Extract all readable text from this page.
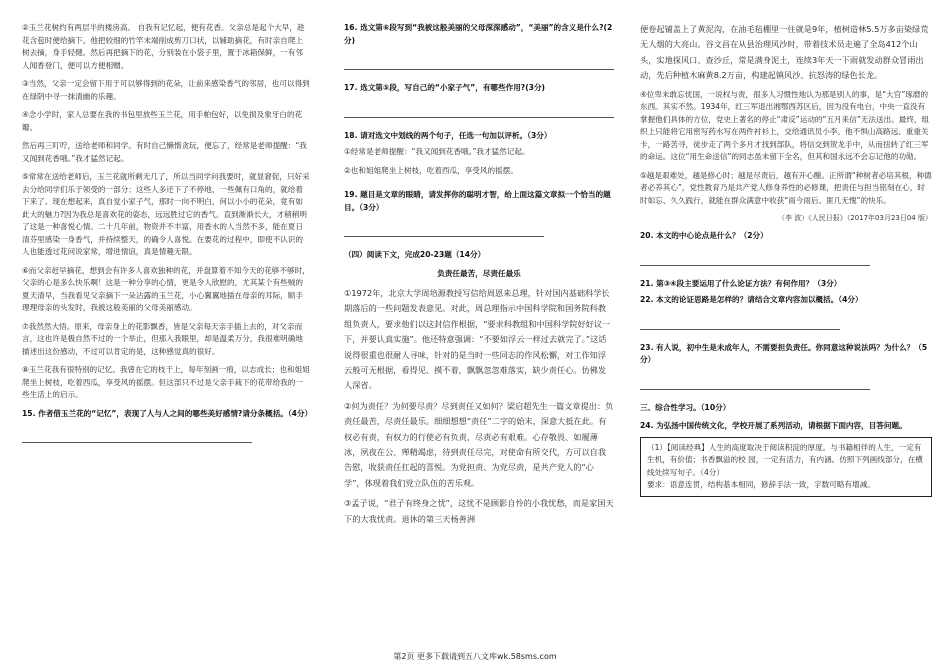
②玉兰花树约有两层半的楼房高。 自我有记忆起，便有花香。父亲总是起个大早，趁花含苞时便给摘下。他把较细的竹竿末端削成剪刀口状，以辅助摘花，有时亲自爬上树去摘，身手轻健。然后再把摘下的花，分别装在小袋子里，置于冰箱保鲜，一有邻人闻香登门，便可以方便相赠。

③当然，父亲一定会留下用于可以够得到的花朵，让前来感染香气的邻居，也可以得到在绿阴中寻一抹清幽的乐趣。

④念小学时，家人总要在我的书包里放些玉兰花，用手帕包好，以免损及象牙白的花瓣。

然后再三叮咛，送给老师和同学。有时自己懒惰贪玩，便忘了，经常是老师提醒：“我又闻到花香哦。”我才猛然记起。

⑤常常在送给老师后，玉兰花就所剩无几了，所以当同学问我要时，就显窘促，只好采去分给同学们乐于领受的一部分；这些人多还下了不停地，一些佩有口角的，就给着下来了。现在想起来，真自觉小家子气，那时一向不明白，何以小小的花朵，竟有如此大的魅力?因为我总是喜欢花的姿态，远远胜过它的香气。直到渐渐长大，才稍稍明了这是一种喜悦心情。二十几年前，物资并不丰富，用香水的人当然不多，能在夏日清芬里感染一身香气，并持续整天，的确令人喜悦。在要花的过程中，即使不认识的人也能透过花问说家常，增进情谊，真是情趣无限。

⑥而父亲赶早摘花，想到会有许多人喜欢独种的花，并盘算着不知今天的花够不够时，父亲的心是多么快乐啊！这是一种分享的心情，更是令人欣慰的，尤其某个有些贼的夏天清早，当我看见父亲摘下一朵沾露的玉兰花，小心翼翼地插在母亲的耳际，顺手理理母亲的头发时，我被这般美丽的父母美丽感动。

⑦我然然大悟。原来，母亲身上的花影飘香，皆是父亲每天亲手插上去的，对父亲而言，这也许是极自然不过的一个举止，但那入我眼里，却是温柔万分，我很难明确地描述出这份感动，不过可以肯定的是，这种感觉真的很好。

⑧玉兰花我有很特别的记忆。我曾在它的枝干上，每年刻画一痕，以志成长；也和姐姐爬坐上树枝，吃着西瓜，享受风的摇摆。但这部只不过是父亲手栽下的花带给我的一些生活上的启示。

15. 作者借玉兰花的“记忆”，表现了人与人之间的哪些美好感情?请分条概括。（4分）

16. 选文第⑥段写到“我被这般美丽的父母深深感动”，“美丽”的含义是什么?(2分)

17. 选文第⑤段，写自己的“小家子气”，有哪些作用?(3分)

18. 请对选文中划线的两个句子，任选一句加以评析。（3分）

①经常是老师提醒：“我又闻到花香哦。”我才猛然记起。

②也和姐姐爬坐上树枝，吃着西瓜，享受风的摇摆。

19. 题目是文章的眼睛，请发挥你的聪明才智，给上面这篇文章拟一个恰当的题目。（3分）

（四）阅读下文，完成20-23题（14分）

负责任最苦，尽责任最乐

①1972年，北京大学周培源教授写信给周恩来总理，针对国内基础科学长期落后的一些问题发表意见。对此，周总理指示中国科学院和国务院科教组负责人，要求他们以这封信作根据，“要求科教组和中国科学院好好议一下，并要认真实施”。他还特意强调：“不要如浮云一样过去就完了。”这话说得很重也很耐人寻味，针对的是当时一些同志的作风松懈，对工作知浮云般可无根据，看得见、摸不着，飘飘忽忽难落实，缺少责任心。仿佛发人深省。

②何为责任？为何要尽责？尽到责任又如何？梁启超先生一篇文章提出：负责任最苦，尽责任最乐。细细想想“责任”二字的始末，深意大抵在此。有权必有责，有权力的行使必有负责，尽责必有艰难。心存敬畏、如履薄冰，夙夜在公、殚精竭虑，待到责任尽完，对使命有所交代，方可以自我告慰，收获责任扛起的喜悦。为党担责、为党尽责，是共产党人的“心学”，体现着我们党立队伍的苦乐观。

③孟子说，“君子有终身之忧”，这忧不是顾影自怜的小我忧愁，而是家国天下的大我忧责。退休的第三天杨善洲

便卷起铺盖上了黄泥沟，在油毛毡棚里一住就是9年，植树造林5.5万多亩染绿荒无人烟的大亮山。谷文昌在从县治理风沙时，带着技术员走遍了全岛412个山头，实地探风口、查沙丘，常是满身泥土，连续3年天一下雨就发动群众冒雨出动，先后种植木麻黄8.2万亩，构建起镇风沙、抗怒涛的绿色长龙。

④位卑未敢忘忧国，一说权与责，很多人习惯性地认为那是别人的事，是“大官”琢磨的东西。其实不然。1934年，红三军退出湘鄂西苏区后，因为没有电台，中央一直没有掌握他们具体的方位，党史上著名的停止“肃反”运动的“五月来信”无法送出。最终，组织上只能将它用密写药水写在两件衬衫上，交给通讯员小李。他不惧山高路远、重重关卡，一路苦寻，徒步走了两个多月才找到部队，将信交到贺龙手中，从而扭转了红三军的命运。这位“用生命送信”的同志虽未留下全名，但其和国永远不会忘记他的功勋。

⑤越是艰难处，越是修心时；越是尽责后，越有开心酿。正所谓“种树者必培其根，种德者必养其心”，党性教育乃是共产党人修身养性的必修课，把责任与担当铭刻在心，时时如忘、久久践行，就能在群众满意中收获“雨今雨后、匪几无愧”的快乐。

（李 波）《人民日报》（2017年03月23日04 版）

20. 本文的中心论点是什么？（2分）

21. 第③④段主要运用了什么论证方法？有何作用？（3分）

22. 本文的论证思路是怎样的？请结合文章内容加以概括。（4分）

23. 有人说，初中生是未成年人，不需要担负责任。你同意这种说法吗？为什么？（5分）

三、综合性学习。（10分）

24. 为弘扬中国传统文化，学校开展了系列活动，请根据下面内容，目答问题。

（1）【阅读经典】人生的高度取决于阅读积淀的厚度。与书籍相伴的人生，一定有生机，有价值；书香飘溢的校 园，一定有活力，有内涵。仿照下列画线部分，在横线处续写句子。（4分）

要求：语意连贯，结构基本相同，修辞手法一致，字数可略有增减。

第2页 更多下载请到五八文库wk.58sms.com
